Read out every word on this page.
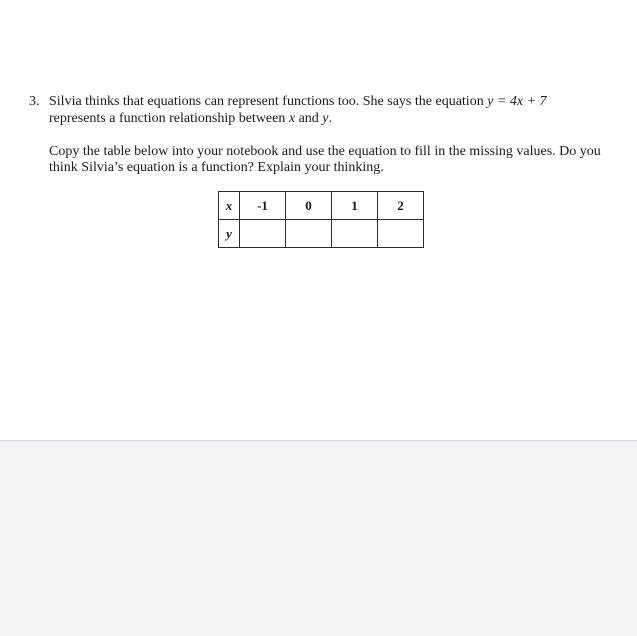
3. Silvia thinks that equations can represent functions too. She says the equation y = 4x + 7
represents a function relationship between x and y.
Copy the table below into your notebook and use the equation to fill in the missing values. Do you
think Silvia’s equation is a function? Explain your thinking.
x	-1	0	1	2
y				
